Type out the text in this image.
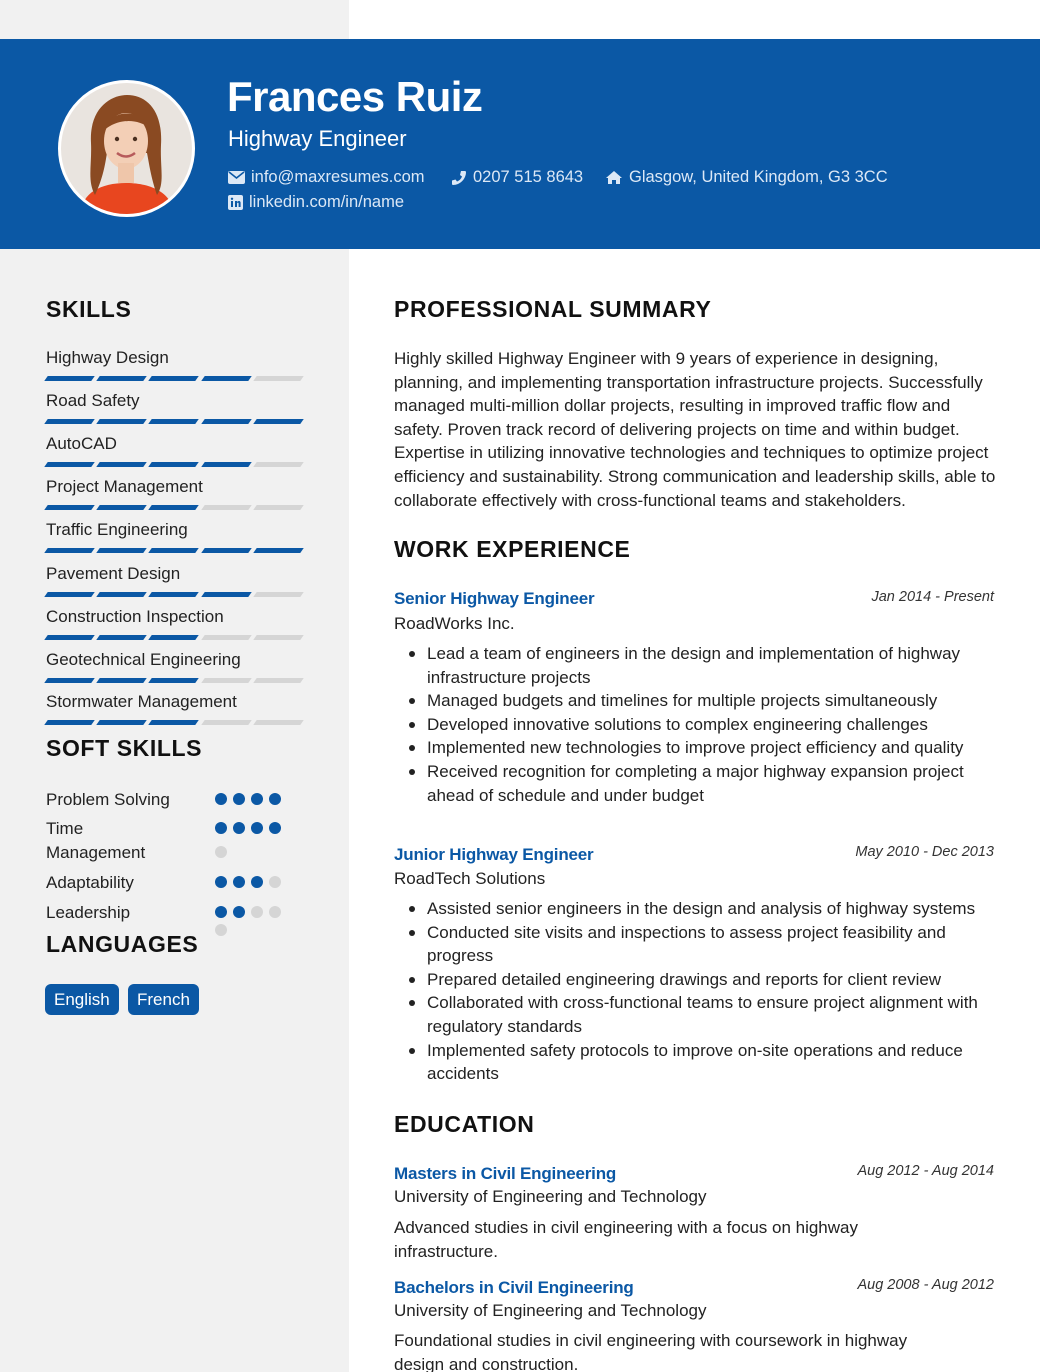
Frances Ruiz
Highway Engineer
info@maxresumes.com	0207 515 8643	Glasgow, United Kingdom, G3 3CC
linkedin.com/in/name
SKILLS
Highway Design
Road Safety
AutoCAD
Project Management
Traffic Engineering
Pavement Design
Construction Inspection
Geotechnical Engineering
Stormwater Management
SOFT SKILLS
Problem Solving
Time Management
Adaptability
Leadership
LANGUAGES
English	French
PROFESSIONAL SUMMARY
Highly skilled Highway Engineer with 9 years of experience in designing, planning, and implementing transportation infrastructure projects. Successfully managed multi-million dollar projects, resulting in improved traffic flow and safety. Proven track record of delivering projects on time and within budget. Expertise in utilizing innovative technologies and techniques to optimize project efficiency and sustainability. Strong communication and leadership skills, able to collaborate effectively with cross-functional teams and stakeholders.
WORK EXPERIENCE
Senior Highway Engineer	Jan 2014 - Present
RoadWorks Inc.
Lead a team of engineers in the design and implementation of highway infrastructure projects
Managed budgets and timelines for multiple projects simultaneously
Developed innovative solutions to complex engineering challenges
Implemented new technologies to improve project efficiency and quality
Received recognition for completing a major highway expansion project ahead of schedule and under budget
Junior Highway Engineer	May 2010 - Dec 2013
RoadTech Solutions
Assisted senior engineers in the design and analysis of highway systems
Conducted site visits and inspections to assess project feasibility and progress
Prepared detailed engineering drawings and reports for client review
Collaborated with cross-functional teams to ensure project alignment with regulatory standards
Implemented safety protocols to improve on-site operations and reduce accidents
EDUCATION
Masters in Civil Engineering	Aug 2012 - Aug 2014
University of Engineering and Technology
Advanced studies in civil engineering with a focus on highway infrastructure.
Bachelors in Civil Engineering	Aug 2008 - Aug 2012
University of Engineering and Technology
Foundational studies in civil engineering with coursework in highway design and construction.
